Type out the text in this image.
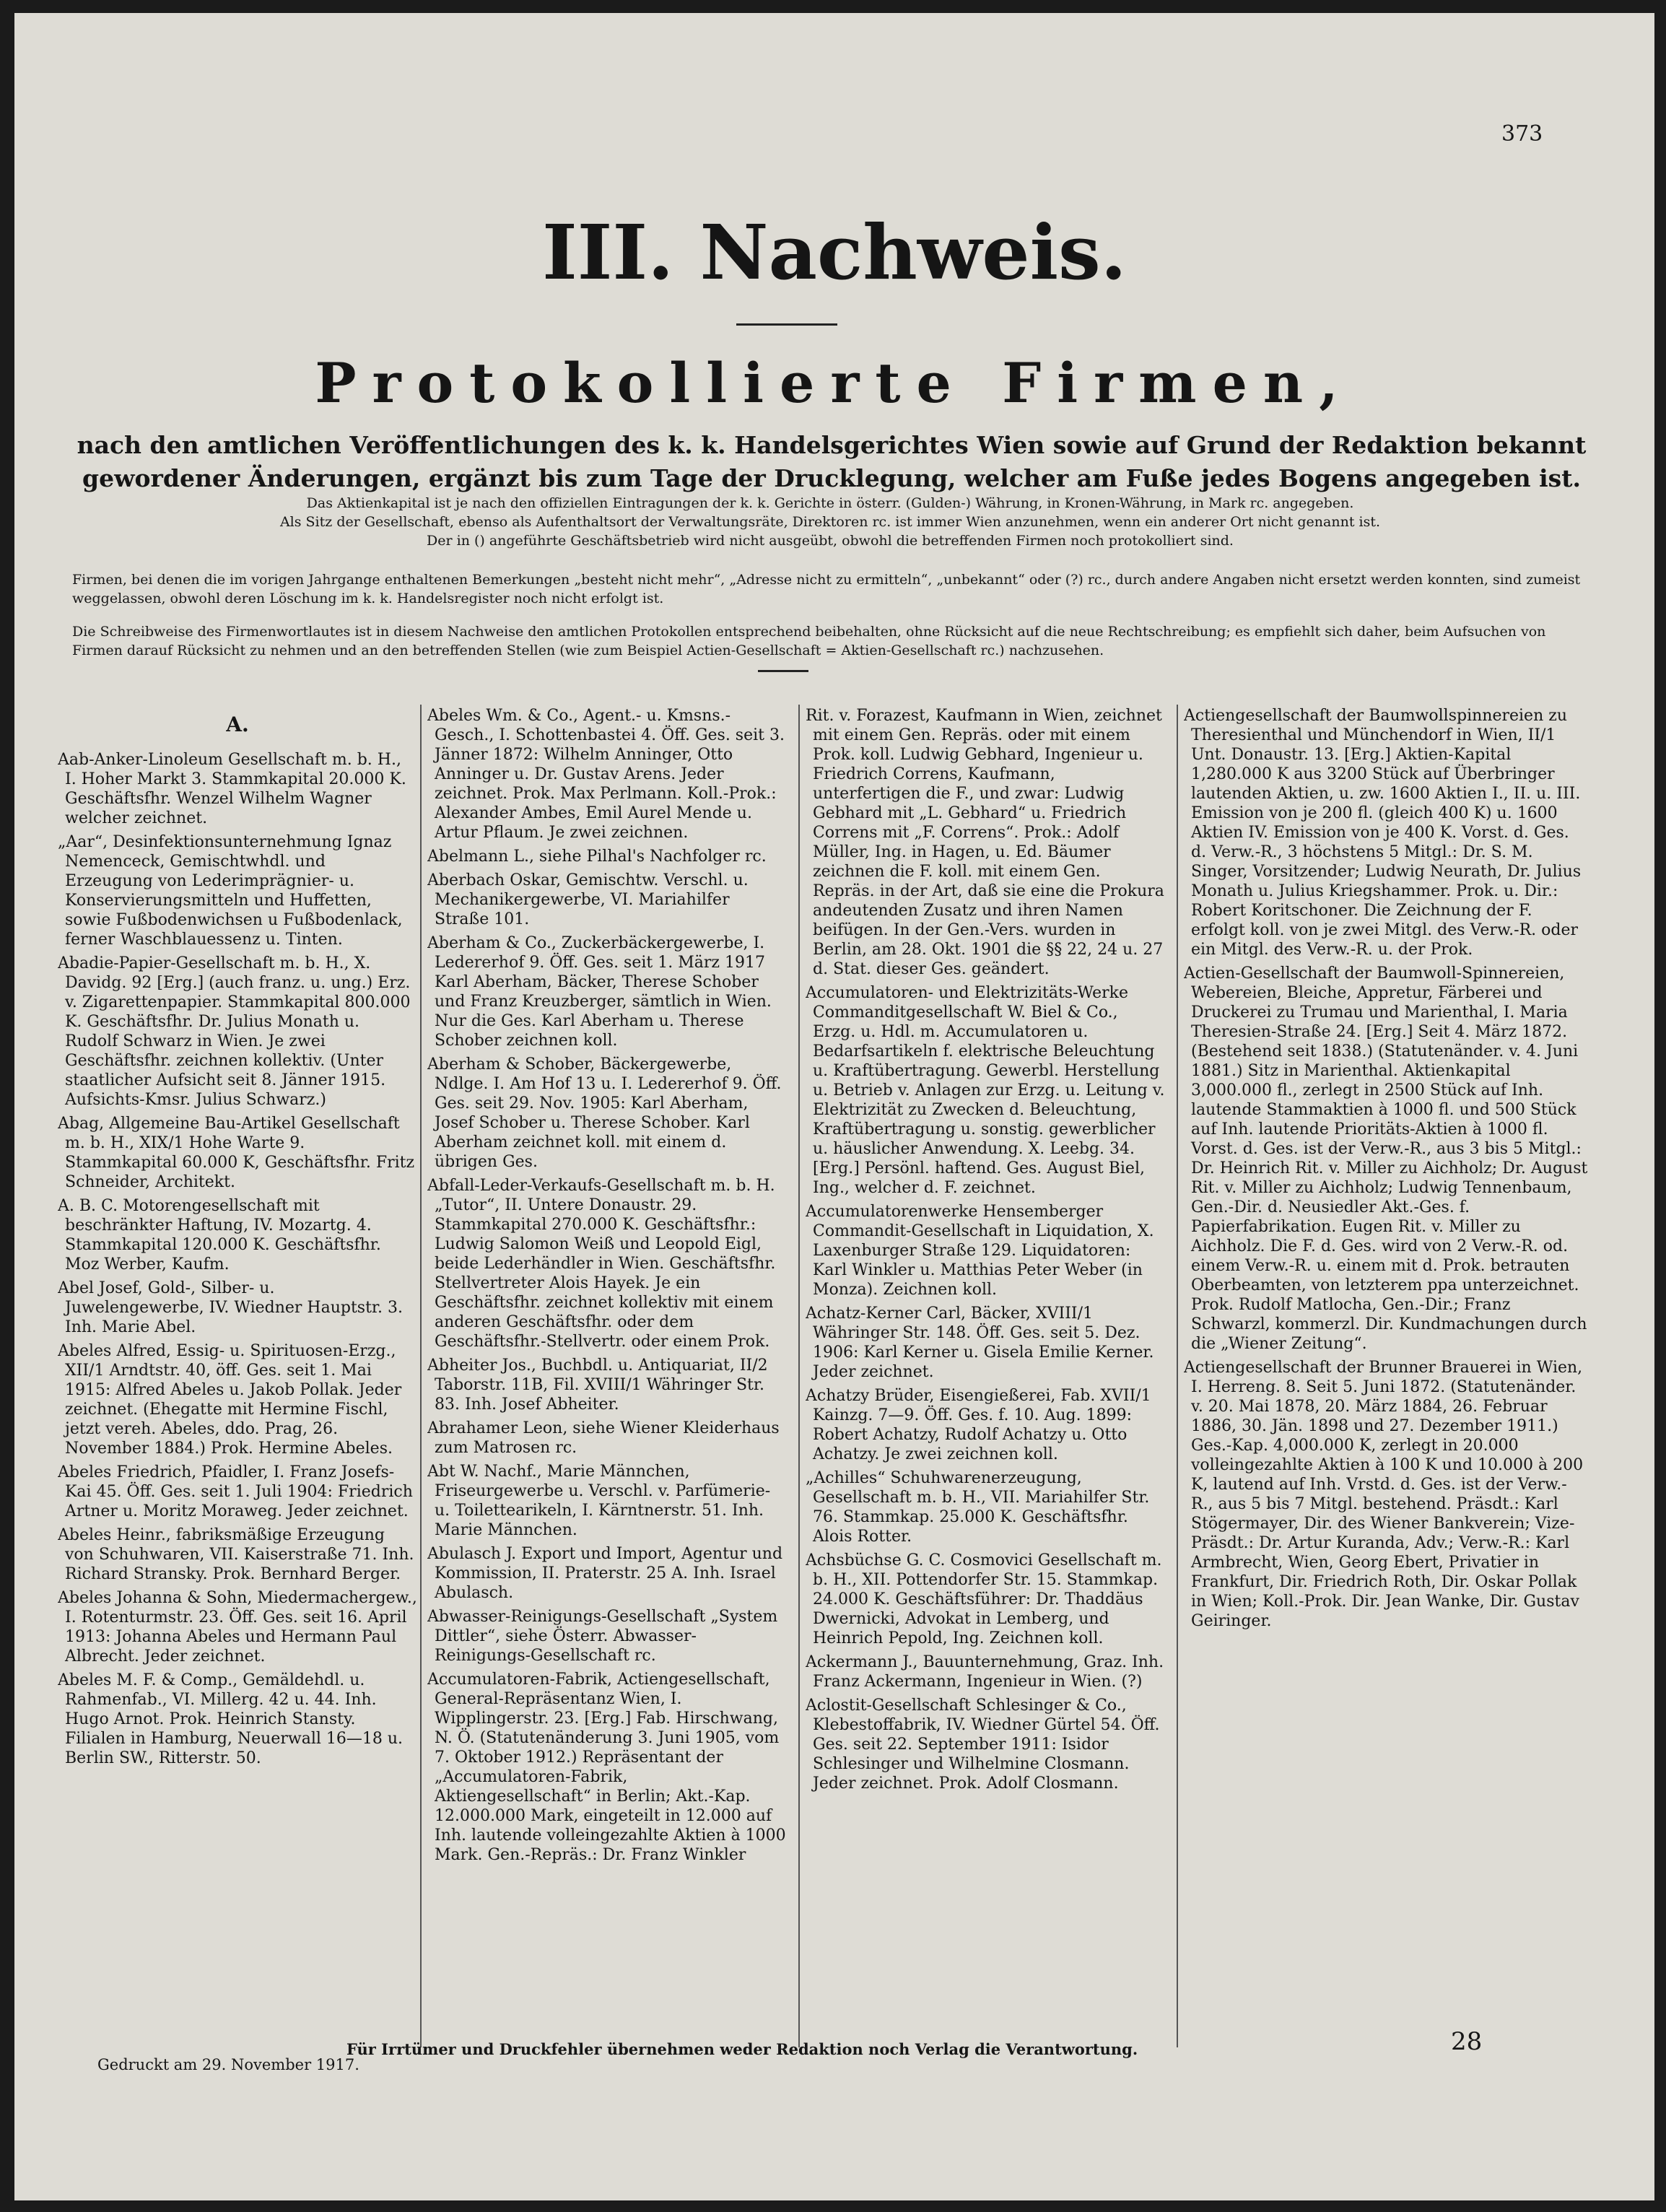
373
III. Nachweis.
Protokollierte Firmen,
nach den amtlichen Veröffentlichungen des k. k. Handelsgerichtes Wien sowie auf Grund der Redaktion bekannt gewordener Änderungen, ergänzt bis zum Tage der Drucklegung, welcher am Fuße jedes Bogens angegeben ist.
Das Aktienkapital ist je nach den offiziellen Eintragungen der k. k. Gerichte in österr. (Gulden-) Währung, in Kronen-Währung, in Mark rc. angegeben.
Als Sitz der Gesellschaft, ebenso als Aufenthaltsort der Verwaltungsräte, Direktoren rc. ist immer Wien anzunehmen, wenn ein anderer Ort nicht genannt ist.
Der in () angeführte Geschäftsbetrieb wird nicht ausgeübt, obwohl die betreffenden Firmen noch protokolliert sind.
Firmen, bei denen die im vorigen Jahrgange enthaltenen Bemerkungen „besteht nicht mehr“, „Adresse nicht zu ermitteln“, „unbekannt“ oder (?) rc., durch andere Angaben nicht ersetzt werden konnten, sind zumeist weggelassen, obwohl deren Löschung im k. k. Handelsregister noch nicht erfolgt ist.
Die Schreibweise des Firmenwortlautes ist in diesem Nachweise den amtlichen Protokollen entsprechend beibehalten, ohne Rücksicht auf die neue Rechtschreibung; es empfiehlt sich daher, beim Aufsuchen von Firmen darauf Rücksicht zu nehmen und an den betreffenden Stellen (wie zum Beispiel Actien-Gesellschaft = Aktien-Gesellschaft rc.) nachzusehen.
A.
Aab-Anker-Linoleum Gesellschaft m. b. H., I. Hoher Markt 3. Stammkapital 20.000 K. Geschäftsfhr. Wenzel Wilhelm Wagner welcher zeichnet.
„Aar“, Desinfektionsunternehmung Ignaz Nemenceck, Gemischtwhdl. und Erzeugung von Lederimprägnier- u. Konservierungsmitteln und Huffetten, sowie Fußbodenwichsen u Fußbodenlack, ferner Waschblauessenz u. Tinten.
Abadie-Papier-Gesellschaft m. b. H., X. Davidg. 92 [Erg.] (auch franz. u. ung.) Erz. v. Zigarettenpapier. Stammkapital 800.000 K. Geschäftsfhr. Dr. Julius Monath u. Rudolf Schwarz in Wien. Je zwei Geschäftsfhr. zeichnen kollektiv. (Unter staatlicher Aufsicht seit 8. Jänner 1915. Aufsichts-Kmsr. Julius Schwarz.)
Abag, Allgemeine Bau-Artikel Gesellschaft m. b. H., XIX/1 Hohe Warte 9. Stammkapital 60.000 K, Geschäftsfhr. Fritz Schneider, Architekt.
A. B. C. Motorengesellschaft mit beschränkter Haftung, IV. Mozartg. 4. Stammkapital 120.000 K. Geschäftsfhr. Moz Werber, Kaufm.
Abel Josef, Gold-, Silber- u. Juwelengewerbe, IV. Wiedner Hauptstr. 3. Inh. Marie Abel.
Abeles Alfred, Essig- u. Spirituosen-Erzg., XII/1 Arndtstr. 40, öff. Ges. seit 1. Mai 1915: Alfred Abeles u. Jakob Pollak. Jeder zeichnet. (Ehegatte mit Hermine Fischl, jetzt vereh. Abeles, ddo. Prag, 26. November 1884.) Prok. Hermine Abeles.
Abeles Friedrich, Pfaidler, I. Franz Josefs-Kai 45. Öff. Ges. seit 1. Juli 1904: Friedrich Artner u. Moritz Moraweg. Jeder zeichnet.
Abeles Heinr., fabriksmäßige Erzeugung von Schuhwaren, VII. Kaiserstraße 71. Inh. Richard Stransky. Prok. Bernhard Berger.
Abeles Johanna & Sohn, Miedermachergew., I. Rotenturmstr. 23. Öff. Ges. seit 16. April 1913: Johanna Abeles und Hermann Paul Albrecht. Jeder zeichnet.
Abeles M. F. & Comp., Gemäldehdl. u. Rahmenfab., VI. Millerg. 42 u. 44. Inh. Hugo Arnot. Prok. Heinrich Stansty. Filialen in Hamburg, Neuerwall 16—18 u. Berlin SW., Ritterstr. 50.
Abeles Wm. & Co., Agent.- u. Kmsns.-Gesch., I. Schottenbastei 4. Öff. Ges. seit 3. Jänner 1872: Wilhelm Anninger, Otto Anninger u. Dr. Gustav Arens. Jeder zeichnet. Prok. Max Perlmann. Koll.-Prok.: Alexander Ambes, Emil Aurel Mende u. Artur Pflaum. Je zwei zeichnen.
Abelmann L., siehe Pilhal's Nachfolger rc.
Aberbach Oskar, Gemischtw. Verschl. u. Mechanikergewerbe, VI. Mariahilfer Straße 101.
Aberham & Co., Zuckerbäckergewerbe, I. Ledererhof 9. Öff. Ges. seit 1. März 1917 Karl Aberham, Bäcker, Therese Schober und Franz Kreuzberger, sämtlich in Wien. Nur die Ges. Karl Aberham u. Therese Schober zeichnen koll.
Aberham & Schober, Bäckergewerbe, Ndlge. I. Am Hof 13 u. I. Ledererhof 9. Öff. Ges. seit 29. Nov. 1905: Karl Aberham, Josef Schober u. Therese Schober. Karl Aberham zeichnet koll. mit einem d. übrigen Ges.
Abfall-Leder-Verkaufs-Gesellschaft m. b. H. „Tutor“, II. Untere Donaustr. 29. Stammkapital 270.000 K. Geschäftsfhr.: Ludwig Salomon Weiß und Leopold Eigl, beide Lederhändler in Wien. Geschäftsfhr. Stellvertreter Alois Hayek. Je ein Geschäftsfhr. zeichnet kollektiv mit einem anderen Geschäftsfhr. oder dem Geschäftsfhr.-Stellvertr. oder einem Prok.
Abheiter Jos., Buchbdl. u. Antiquariat, II/2 Taborstr. 11B, Fil. XVIII/1 Währinger Str. 83. Inh. Josef Abheiter.
Abrahamer Leon, siehe Wiener Kleiderhaus zum Matrosen rc.
Abt W. Nachf., Marie Männchen, Friseurgewerbe u. Verschl. v. Parfümerie- u. Toilettearikeln, I. Kärntnerstr. 51. Inh. Marie Männchen.
Abulasch J. Export und Import, Agentur und Kommission, II. Praterstr. 25 A. Inh. Israel Abulasch.
Abwasser-Reinigungs-Gesellschaft „System Dittler“, siehe Österr. Abwasser-Reinigungs-Gesellschaft rc.
Accumulatoren-Fabrik, Actiengesellschaft, General-Repräsentanz Wien, I. Wipplingerstr. 23. [Erg.] Fab. Hirschwang, N. Ö. (Statutenänderung 3. Juni 1905, vom 7. Oktober 1912.) Repräsentant der „Accumulatoren-Fabrik, Aktiengesellschaft“ in Berlin; Akt.-Kap. 12.000.000 Mark, eingeteilt in 12.000 auf Inh. lautende volleingezahlte Aktien à 1000 Mark. Gen.-Repräs.: Dr. Franz Winkler
Rit. v. Forazest, Kaufmann in Wien, zeichnet mit einem Gen. Repräs. oder mit einem Prok. koll. Ludwig Gebhard, Ingenieur u. Friedrich Correns, Kaufmann, unterfertigen die F., und zwar: Ludwig Gebhard mit „L. Gebhard“ u. Friedrich Correns mit „F. Correns“. Prok.: Adolf Müller, Ing. in Hagen, u. Ed. Bäumer zeichnen die F. koll. mit einem Gen. Repräs. in der Art, daß sie eine die Prokura andeutenden Zusatz und ihren Namen beifügen. In der Gen.-Vers. wurden in Berlin, am 28. Okt. 1901 die §§ 22, 24 u. 27 d. Stat. dieser Ges. geändert.
Accumulatoren- und Elektrizitäts-Werke Commanditgesellschaft W. Biel & Co., Erzg. u. Hdl. m. Accumulatoren u. Bedarfsartikeln f. elektrische Beleuchtung u. Kraftübertragung. Gewerbl. Herstellung u. Betrieb v. Anlagen zur Erzg. u. Leitung v. Elektrizität zu Zwecken d. Beleuchtung, Kraftübertragung u. sonstig. gewerblicher u. häuslicher Anwendung. X. Leebg. 34. [Erg.] Persönl. haftend. Ges. August Biel, Ing., welcher d. F. zeichnet.
Accumulatorenwerke Hensemberger Commandit-Gesellschaft in Liquidation, X. Laxenburger Straße 129. Liquidatoren: Karl Winkler u. Matthias Peter Weber (in Monza). Zeichnen koll.
Achatz-Kerner Carl, Bäcker, XVIII/1 Währinger Str. 148. Öff. Ges. seit 5. Dez. 1906: Karl Kerner u. Gisela Emilie Kerner. Jeder zeichnet.
Achatzy Brüder, Eisengießerei, Fab. XVII/1 Kainzg. 7—9. Öff. Ges. f. 10. Aug. 1899: Robert Achatzy, Rudolf Achatzy u. Otto Achatzy. Je zwei zeichnen koll.
„Achilles“ Schuhwarenerzeugung, Gesellschaft m. b. H., VII. Mariahilfer Str. 76. Stammkap. 25.000 K. Geschäftsfhr. Alois Rotter.
Achsbüchse G. C. Cosmovici Gesellschaft m. b. H., XII. Pottendorfer Str. 15. Stammkap. 24.000 K. Geschäftsführer: Dr. Thaddäus Dwernicki, Advokat in Lemberg, und Heinrich Pepold, Ing. Zeichnen koll.
Ackermann J., Bauunternehmung, Graz. Inh. Franz Ackermann, Ingenieur in Wien. (?)
Aclostit-Gesellschaft Schlesinger & Co., Klebestoffabrik, IV. Wiedner Gürtel 54. Öff. Ges. seit 22. September 1911: Isidor Schlesinger und Wilhelmine Closmann. Jeder zeichnet. Prok. Adolf Closmann.
Actiengesellschaft der Baumwollspinnereien zu Theresienthal und Münchendorf in Wien, II/1 Unt. Donaustr. 13. [Erg.] Aktien-Kapital 1,280.000 K aus 3200 Stück auf Überbringer lautenden Aktien, u. zw. 1600 Aktien I., II. u. III. Emission von je 200 fl. (gleich 400 K) u. 1600 Aktien IV. Emission von je 400 K. Vorst. d. Ges. d. Verw.-R., 3 höchstens 5 Mitgl.: Dr. S. M. Singer, Vorsitzender; Ludwig Neurath, Dr. Julius Monath u. Julius Kriegshammer. Prok. u. Dir.: Robert Koritschoner. Die Zeichnung der F. erfolgt koll. von je zwei Mitgl. des Verw.-R. oder ein Mitgl. des Verw.-R. u. der Prok.
Actien-Gesellschaft der Baumwoll-Spinnereien, Webereien, Bleiche, Appretur, Färberei und Druckerei zu Trumau und Marienthal, I. Maria Theresien-Straße 24. [Erg.] Seit 4. März 1872. (Bestehend seit 1838.) (Statutenänder. v. 4. Juni 1881.) Sitz in Marienthal. Aktienkapital 3,000.000 fl., zerlegt in 2500 Stück auf Inh. lautende Stammaktien à 1000 fl. und 500 Stück auf Inh. lautende Prioritäts-Aktien à 1000 fl. Vorst. d. Ges. ist der Verw.-R., aus 3 bis 5 Mitgl.: Dr. Heinrich Rit. v. Miller zu Aichholz; Dr. August Rit. v. Miller zu Aichholz; Ludwig Tennenbaum, Gen.-Dir. d. Neusiedler Akt.-Ges. f. Papierfabrikation. Eugen Rit. v. Miller zu Aichholz. Die F. d. Ges. wird von 2 Verw.-R. od. einem Verw.-R. u. einem mit d. Prok. betrauten Oberbeamten, von letzterem ppa unterzeichnet. Prok. Rudolf Matlocha, Gen.-Dir.; Franz Schwarzl, kommerzl. Dir. Kundmachungen durch die „Wiener Zeitung“.
Actiengesellschaft der Brunner Brauerei in Wien, I. Herreng. 8. Seit 5. Juni 1872. (Statutenänder. v. 20. Mai 1878, 20. März 1884, 26. Februar 1886, 30. Jän. 1898 und 27. Dezember 1911.) Ges.-Kap. 4,000.000 K, zerlegt in 20.000 volleingezahlte Aktien à 100 K und 10.000 à 200 K, lautend auf Inh. Vrstd. d. Ges. ist der Verw.-R., aus 5 bis 7 Mitgl. bestehend. Präsdt.: Karl Stögermayer, Dir. des Wiener Bankverein; Vize-Präsdt.: Dr. Artur Kuranda, Adv.; Verw.-R.: Karl Armbrecht, Wien, Georg Ebert, Privatier in Frankfurt, Dir. Friedrich Roth, Dir. Oskar Pollak in Wien; Koll.-Prok. Dir. Jean Wanke, Dir. Gustav Geiringer.
Für Irrtümer und Druckfehler übernehmen weder Redaktion noch Verlag die Verantwortung.
Gedruckt am 29. November 1917.
28
